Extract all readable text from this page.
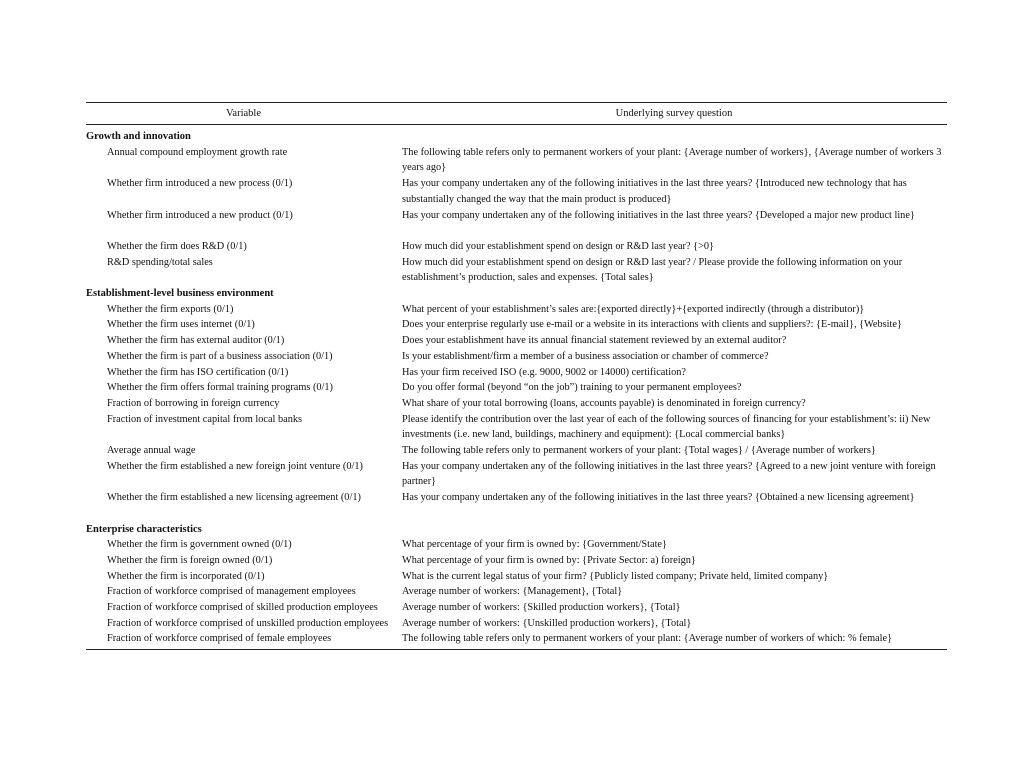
Variable	Underlying survey question
Growth and innovation
Annual compound employment growth rate	The following table refers only to permanent workers of your plant: {Average number of workers}, {Average number of workers 3 years ago}
Whether firm introduced a new process (0/1)	Has your company undertaken any of the following initiatives in the last three years? {Introduced new technology that has substantially changed the way that the main product is produced}
Whether firm introduced a new product (0/1)	Has your company undertaken any of the following initiatives in the last three years? {Developed a major new product line}
Whether the firm does R&D (0/1)	How much did your establishment spend on design or R&D last year? {>0}
R&D spending/total sales	How much did your establishment spend on design or R&D last year? / Please provide the following information on your establishment’s production, sales and expenses. {Total sales}
Establishment-level business environment
Whether the firm exports (0/1)	What percent of your establishment’s sales are:{exported directly}+{exported indirectly (through a distributor)}
Whether the firm uses internet (0/1)	Does your enterprise regularly use e-mail or a website in its interactions with clients and suppliers?: {E-mail}, {Website}
Whether the firm has external auditor (0/1)	Does your establishment have its annual financial statement reviewed by an external auditor?
Whether the firm is part of a business association (0/1)	Is your establishment/firm a member of a business association or chamber of commerce?
Whether the firm has ISO certification (0/1)	Has your firm received ISO (e.g. 9000, 9002 or 14000) certification?
Whether the firm offers formal training programs (0/1)	Do you offer formal (beyond “on the job”) training to your permanent employees?
Fraction of borrowing in foreign currency	What share of your total borrowing (loans, accounts payable) is denominated in foreign currency?
Fraction of investment capital from local banks	Please identify the contribution over the last year of each of the following sources of financing for your establishment’s: ii) New investments (i.e. new land, buildings, machinery and equipment): {Local commercial banks}
Average annual wage	The following table refers only to permanent workers of your plant: {Total wages} / {Average number of workers}
Whether the firm established a new foreign joint venture (0/1)	Has your company undertaken any of the following initiatives in the last three years? {Agreed to a new joint venture with foreign partner}
Whether the firm established a new licensing agreement (0/1)	Has your company undertaken any of the following initiatives in the last three years? {Obtained a new licensing agreement}
Enterprise characteristics
Whether the firm is government owned (0/1)	What percentage of your firm is owned by: {Government/State}
Whether the firm is foreign owned (0/1)	What percentage of your firm is owned by: {Private Sector: a) foreign}
Whether the firm is incorporated (0/1)	What is the current legal status of your firm? {Publicly listed company; Private held, limited company}
Fraction of workforce comprised of management employees	Average number of workers: {Management}, {Total}
Fraction of workforce comprised of skilled production employees	Average number of workers: {Skilled production workers}, {Total}
Fraction of workforce comprised of unskilled production employees	Average number of workers: {Unskilled production workers}, {Total}
Fraction of workforce comprised of female employees	The following table refers only to permanent workers of your plant: {Average number of workers of which: % female}
